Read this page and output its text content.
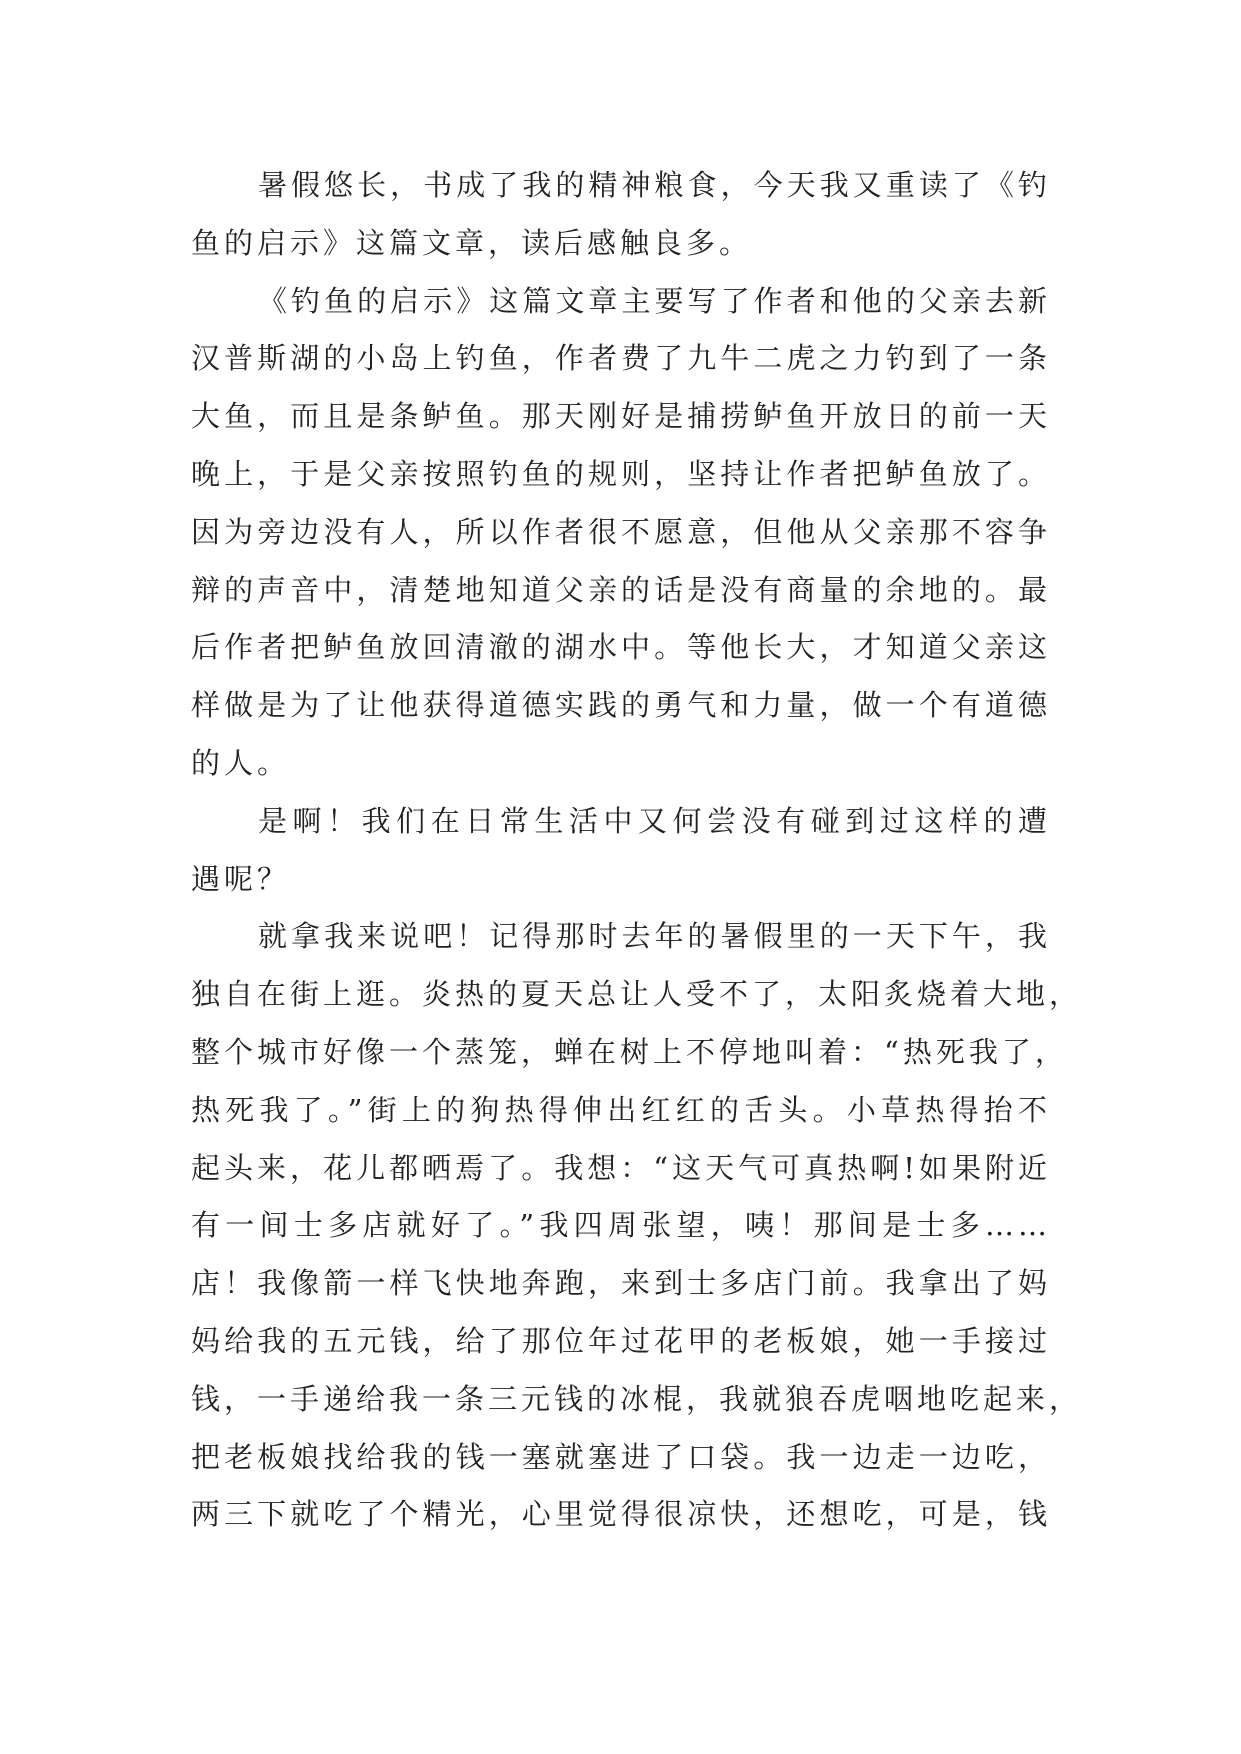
暑假悠长，书成了我的精神粮食，今天我又重读了《钓
鱼的启示》这篇文章，读后感触良多。
《钓鱼的启示》这篇文章主要写了作者和他的父亲去新
汉普斯湖的小岛上钓鱼，作者费了九牛二虎之力钓到了一条
大鱼，而且是条鲈鱼。那天刚好是捕捞鲈鱼开放日的前一天
晚上，于是父亲按照钓鱼的规则，坚持让作者把鲈鱼放了。
因为旁边没有人，所以作者很不愿意，但他从父亲那不容争
辩的声音中，清楚地知道父亲的话是没有商量的余地的。最
后作者把鲈鱼放回清澈的湖水中。等他长大，才知道父亲这
样做是为了让他获得道德实践的勇气和力量，做一个有道德
的人。
是啊！我们在日常生活中又何尝没有碰到过这样的遭
遇呢？
就拿我来说吧！记得那时去年的暑假里的一天下午，我
独自在街上逛。炎热的夏天总让人受不了，太阳炙烧着大地，
整个城市好像一个蒸笼，蝉在树上不停地叫着：“热死我了，
热死我了。”街上的狗热得伸出红红的舌头。小草热得抬不
起头来，花儿都晒焉了。我想：“这天气可真热啊!如果附近
有一间士多店就好了。”我四周张望，咦！那间是士多……
店！我像箭一样飞快地奔跑，来到士多店门前。我拿出了妈
妈给我的五元钱，给了那位年过花甲的老板娘，她一手接过
钱，一手递给我一条三元钱的冰棍，我就狼吞虎咽地吃起来，
把老板娘找给我的钱一塞就塞进了口袋。我一边走一边吃，
两三下就吃了个精光，心里觉得很凉快，还想吃，可是，钱
